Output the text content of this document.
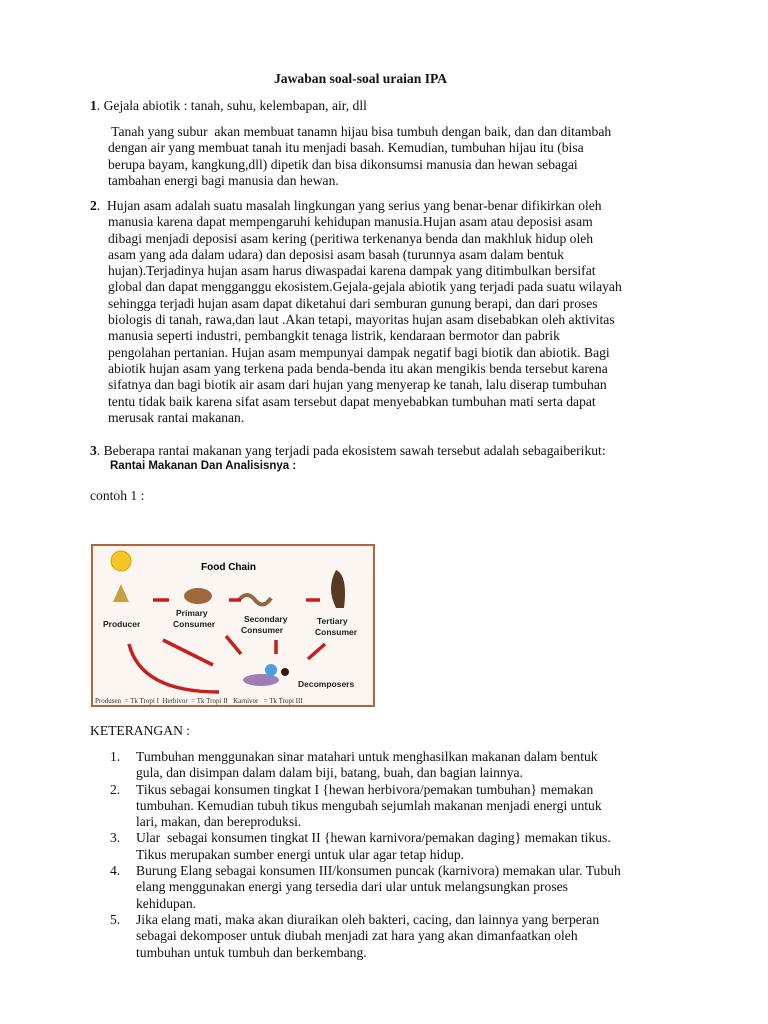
Jawaban soal-soal uraian IPA
1. Gejala abiotik : tanah, suhu, kelembapan, air, dll
Tanah yang subur  akan membuat tanamn hijau bisa tumbuh dengan baik, dan dan ditambah
dengan air yang membuat tanah itu menjadi basah. Kemudian, tumbuhan hijau itu (bisa
berupa bayam, kangkung,dll) dipetik dan bisa dikonsumsi manusia dan hewan sebagai
tambahan energi bagi manusia dan hewan.
2.  Hujan asam adalah suatu masalah lingkungan yang serius yang benar-benar difikirkan oleh
manusia karena dapat mempengaruhi kehidupan manusia.Hujan asam atau deposisi asam
dibagi menjadi deposisi asam kering (peritiwa terkenanya benda dan makhluk hidup oleh
asam yang ada dalam udara) dan deposisi asam basah (turunnya asam dalam bentuk
hujan).Terjadinya hujan asam harus diwaspadai karena dampak yang ditimbulkan bersifat
global dan dapat mengganggu ekosistem.Gejala-gejala abiotik yang terjadi pada suatu wilayah
sehingga terjadi hujan asam dapat diketahui dari semburan gunung berapi, dan dari proses
biologis di tanah, rawa,dan laut .Akan tetapi, mayoritas hujan asam disebabkan oleh aktivitas
manusia seperti industri, pembangkit tenaga listrik, kendaraan bermotor dan pabrik
pengolahan pertanian. Hujan asam mempunyai dampak negatif bagi biotik dan abiotik. Bagi
abiotik hujan asam yang terkena pada benda-benda itu akan mengikis benda tersebut karena
sifatnya dan bagi biotik air asam dari hujan yang menyerap ke tanah, lalu diserap tumbuhan
tentu tidak baik karena sifat asam tersebut dapat menyebabkan tumbuhan mati serta dapat
merusak rantai makanan.
3. Beberapa rantai makanan yang terjadi pada ekosistem sawah tersebut adalah sebagaiberikut:
Rantai Makanan Dan Analisisnya :
contoh 1 :
Food Chain
Producer
Primary
Consumer	Secondary
Consumer
Tertiary
Consumer
Decomposers
Produsen  = Tk Tropi I  Herbivor  = Tk Tropi II   Karnivor   = Tk Tropi III
KETERANGAN :
1. Tumbuhan menggunakan sinar matahari untuk menghasilkan makanan dalam bentuk
gula, dan disimpan dalam dalam biji, batang, buah, dan bagian lainnya.
2. Tikus sebagai konsumen tingkat I {hewan herbivora/pemakan tumbuhan} memakan
tumbuhan. Kemudian tubuh tikus mengubah sejumlah makanan menjadi energi untuk
lari, makan, dan bereproduksi.
3. Ular  sebagai konsumen tingkat II {hewan karnivora/pemakan daging} memakan tikus.
Tikus merupakan sumber energi untuk ular agar tetap hidup.
4. Burung Elang sebagai konsumen III/konsumen puncak (karnivora) memakan ular. Tubuh
elang menggunakan energi yang tersedia dari ular untuk melangsungkan proses
kehidupan.
5. Jika elang mati, maka akan diuraikan oleh bakteri, cacing, dan lainnya yang berperan
sebagai dekomposer untuk diubah menjadi zat hara yang akan dimanfaatkan oleh
tumbuhan untuk tumbuh dan berkembang.
